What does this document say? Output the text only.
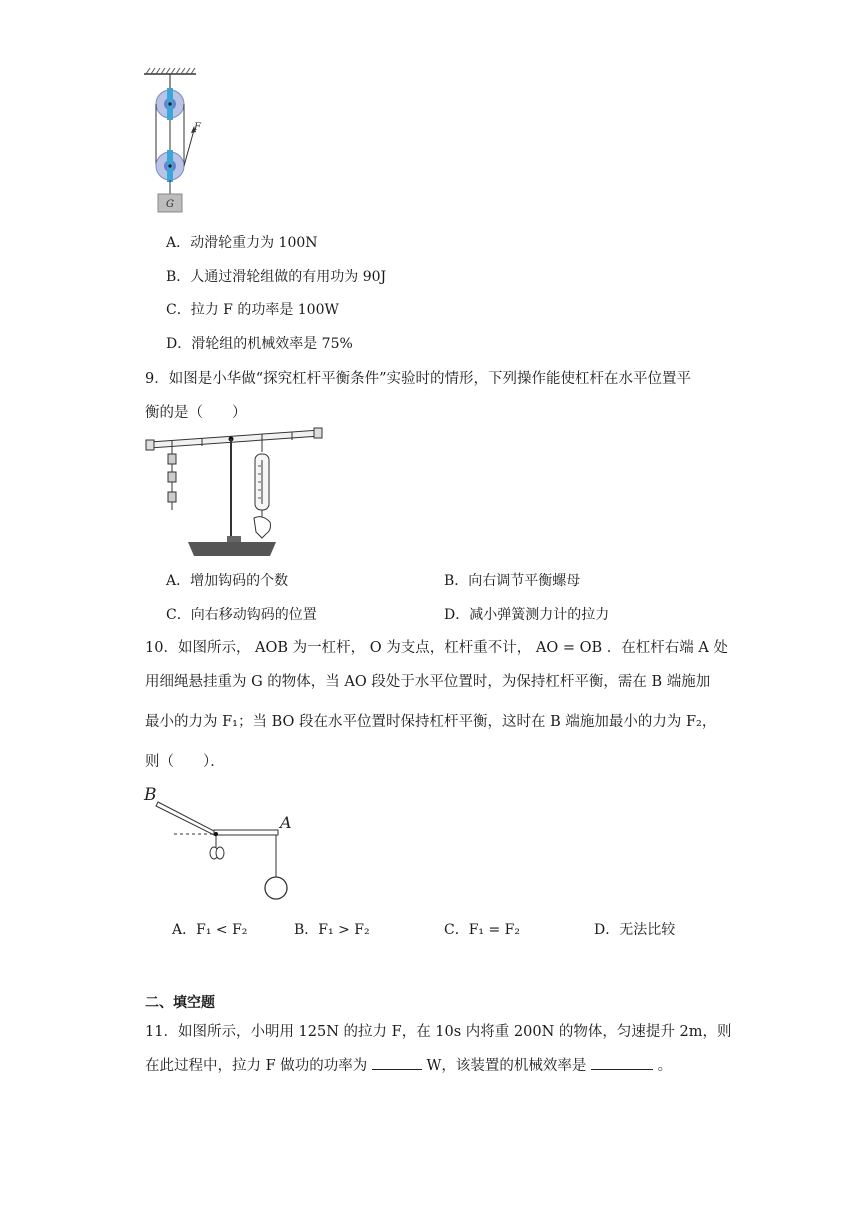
F
G
A．动滑轮重力为 100N
B．人通过滑轮组做的有用功为 90J
C．拉力 F 的功率是 100W
D．滑轮组的机械效率是 75%
9．如图是小华做“探究杠杆平衡条件”实验时的情形，下列操作能使杠杆在水平位置平
衡的是（　　）
A．增加钩码的个数	B．向右调节平衡螺母
C．向右移动钩码的位置	D．减小弹簧测力计的拉力
10．如图所示， AOB 为一杠杆， O 为支点，杠杆重不计， AO = OB ．在杠杆右端 A 处
用细绳悬挂重为 G 的物体，当 AO 段处于水平位置时，为保持杠杆平衡，需在 B 端施加
最小的力为 F₁；当 BO 段在水平位置时保持杠杆平衡，这时在 B 端施加最小的力为 F₂，
则（　　）．
B
A
A．F₁ < F₂	B．F₁ > F₂	C．F₁ = F₂	D．无法比较
二、填空题
11．如图所示，小明用 125N 的拉力 F，在 10s 内将重 200N 的物体，匀速提升 2m，则
在此过程中，拉力 F 做功的功率为	W，该装置的机械效率是	。
